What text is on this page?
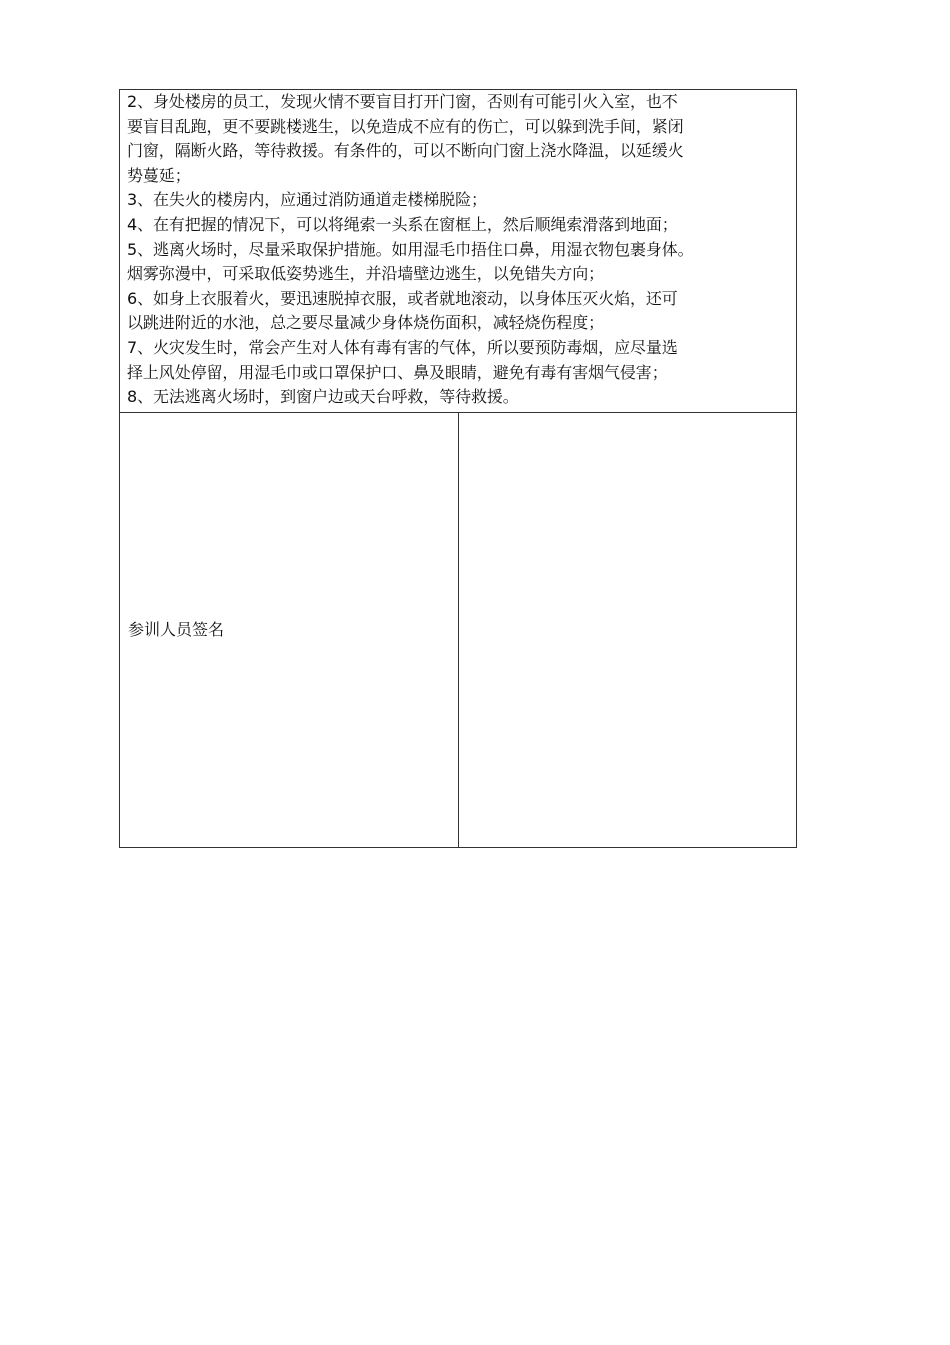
2、身处楼房的员工，发现火情不要盲目打开门窗，否则有可能引火入室，也不
要盲目乱跑，更不要跳楼逃生，以免造成不应有的伤亡，可以躲到洗手间，紧闭
门窗，隔断火路，等待救援。有条件的，可以不断向门窗上浇水降温，以延缓火
势蔓延；
3、在失火的楼房内，应通过消防通道走楼梯脱险；
4、在有把握的情况下，可以将绳索一头系在窗框上，然后顺绳索滑落到地面；
5、逃离火场时，尽量采取保护措施。如用湿毛巾捂住口鼻，用湿衣物包裹身体。
烟雾弥漫中，可采取低姿势逃生，并沿墙壁边逃生，以免错失方向；
6、如身上衣服着火，要迅速脱掉衣服，或者就地滚动，以身体压灭火焰，还可
以跳进附近的水池，总之要尽量减少身体烧伤面积，减轻烧伤程度；
7、火灾发生时，常会产生对人体有毒有害的气体，所以要预防毒烟，应尽量选
择上风处停留，用湿毛巾或口罩保护口、鼻及眼睛，避免有毒有害烟气侵害；
8、无法逃离火场时，到窗户边或天台呼救，等待救援。

参训人员签名	
